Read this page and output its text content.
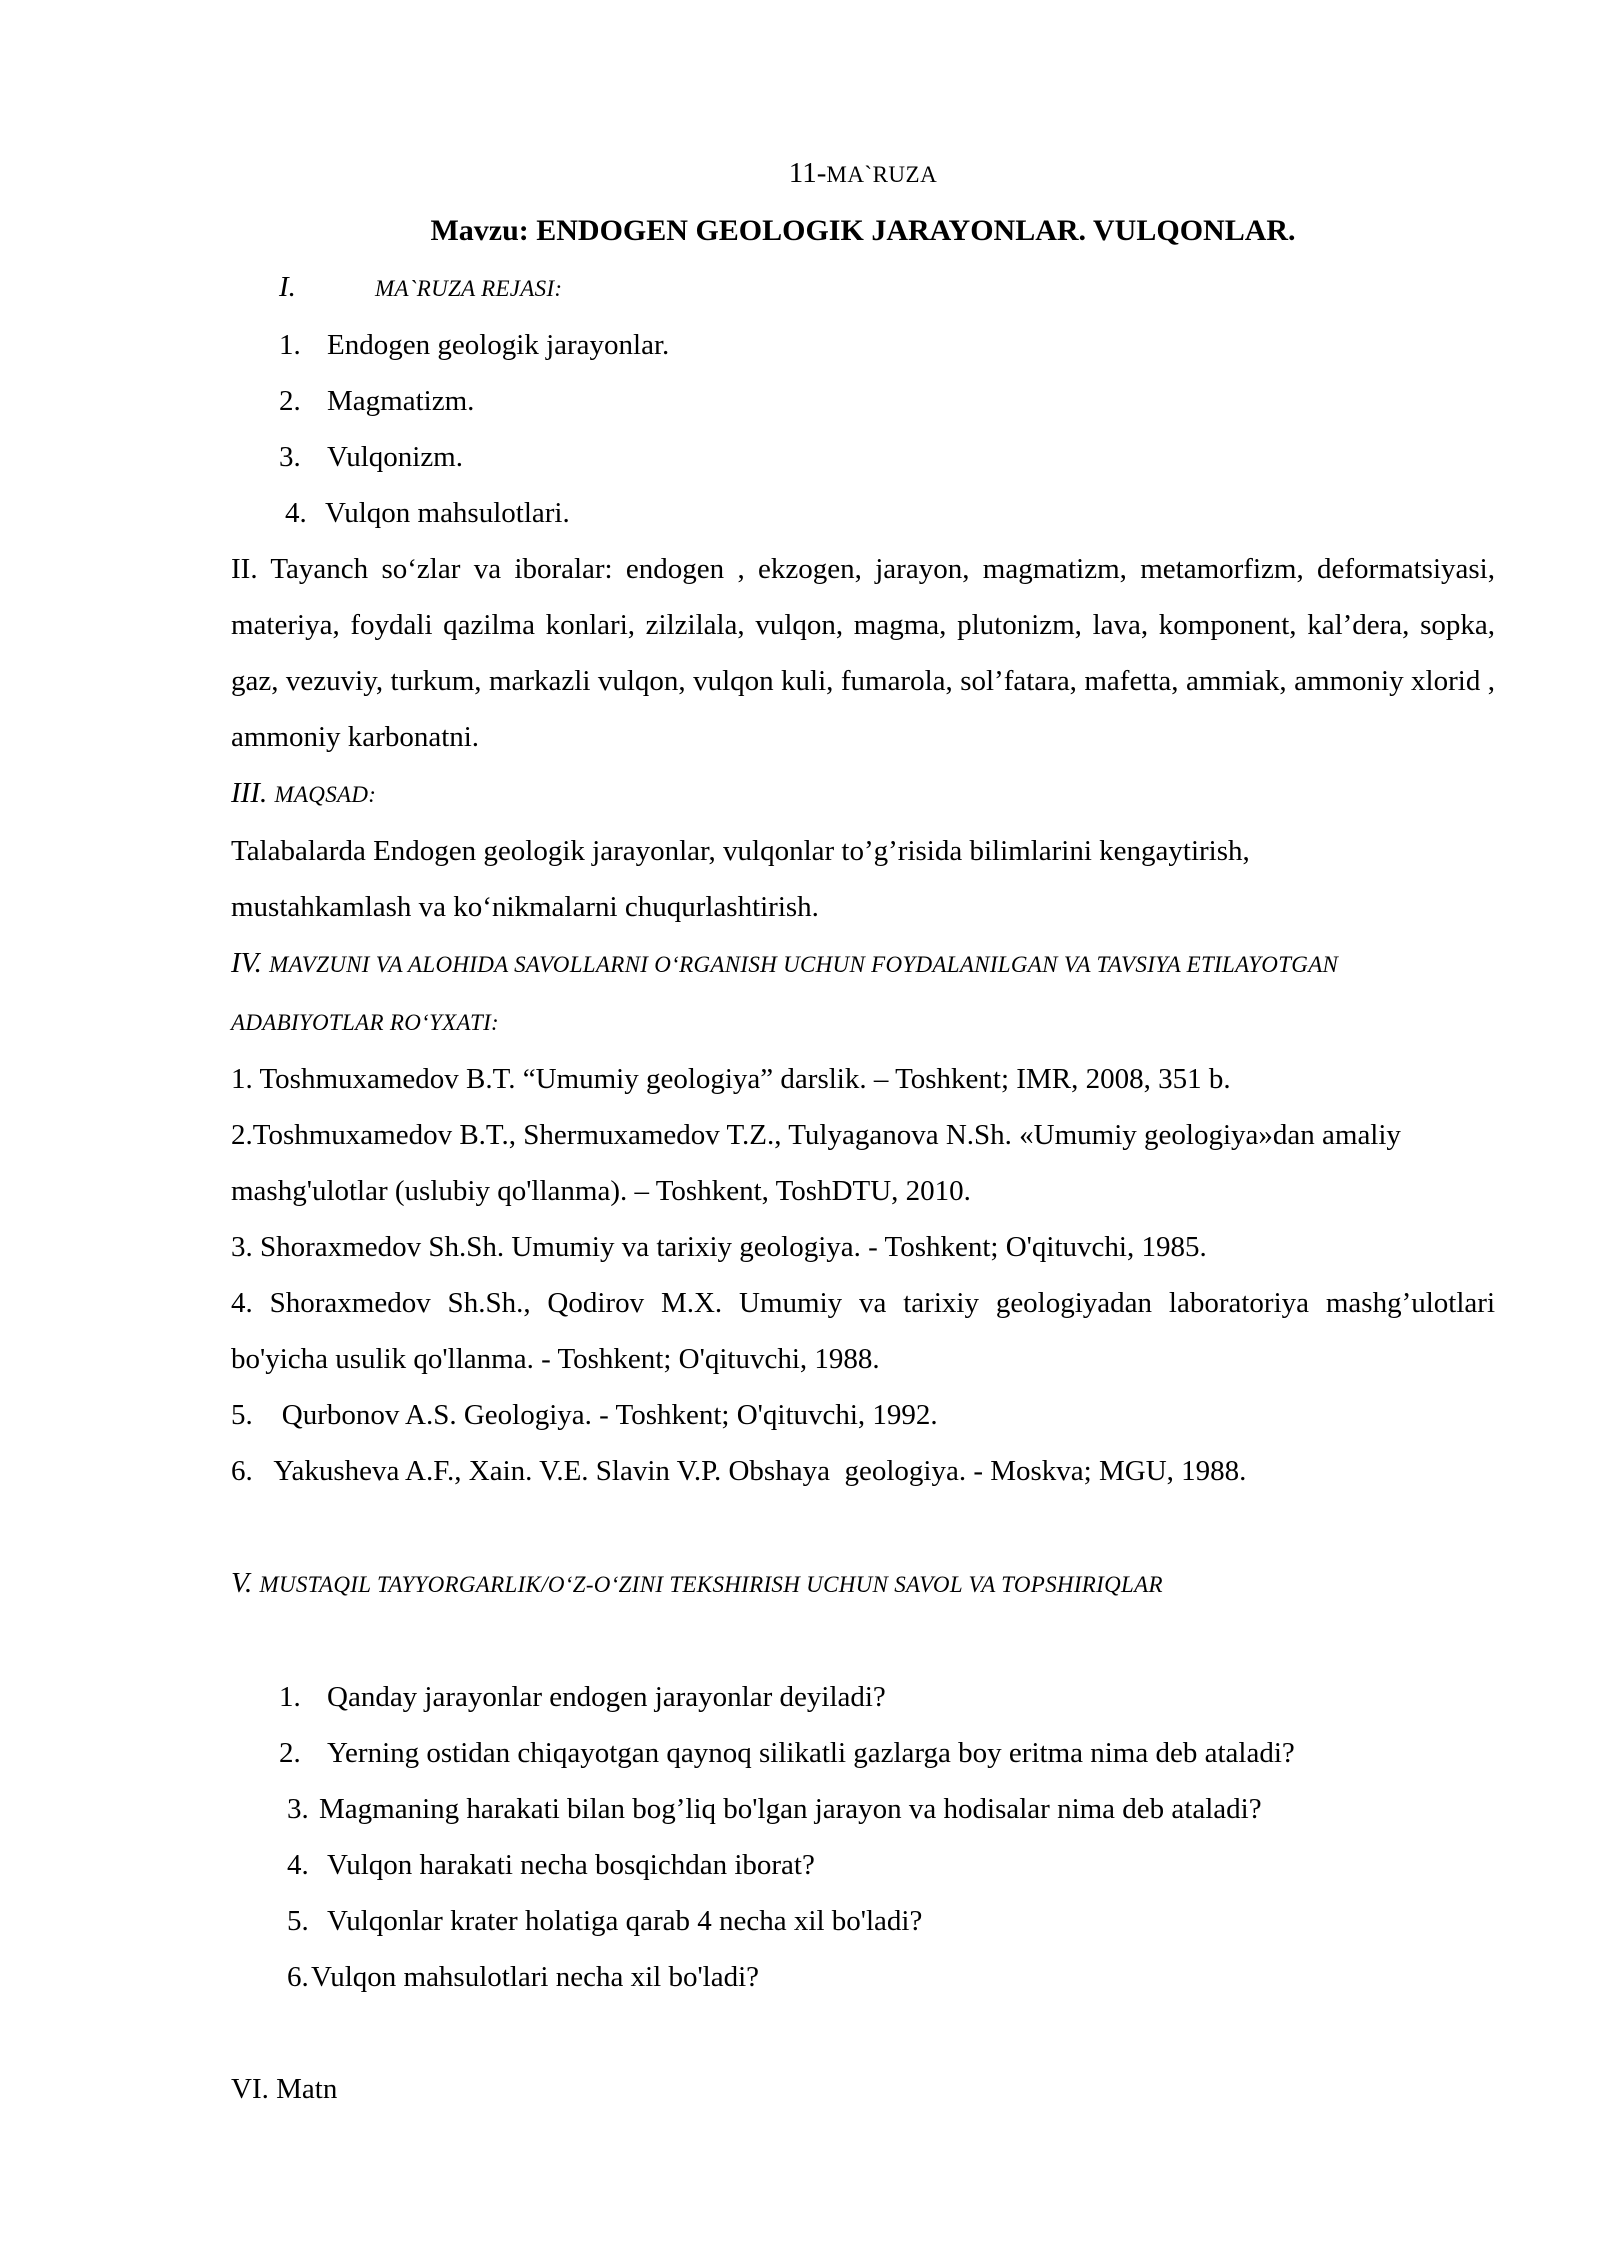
11-MA`RUZA
Mavzu: ENDOGEN GEOLOGIK JARAYONLAR. VULQONLAR.
I.	MA`RUZA REJASI:
1. Endogen geologik jarayonlar.
2. Magmatizm.
3. Vulqonizm.
4. Vulqon mahsulotlari.

II. Tayanch so‘zlar va iboralar: endogen , ekzogen, jarayon, magmatizm, metamorfizm, deformatsiyasi, materiya, foydali qazilma konlari, zilzilala, vulqon, magma, plutonizm, lava, komponent, kal’dera, sopka, gaz, vezuviy, turkum, markazli vulqon, vulqon kuli, fumarola, sol’fatara, mafetta, ammiak, ammoniy xlorid , ammoniy karbonatni.

III. MAQSAD:

Talabalarda Endogen geologik jarayonlar, vulqonlar to’g’risida bilimlarini kengaytirish, mustahkamlash va ko‘nikmalarni chuqurlashtirish.

IV. MAVZUNI VA ALOHIDA SAVOLLARNI O‘RGANISH UCHUN FOYDALANILGAN VA TAVSIYA ETILAYOTGAN ADABIYOTLAR RO‘YXATI:

1. Toshmuxamedov B.T. “Umumiy geologiya” darslik. – Toshkent; IMR, 2008, 351 b.

2.Toshmuxamedov B.T., Shermuxamedov T.Z., Tulyaganova N.Sh. «Umumiy geologiya»dan amaliy mashg'ulotlar (uslubiy qo'llanma). – Toshkent, ToshDTU, 2010.

3. Shoraxmedov Sh.Sh. Umumiy va tarixiy geologiya. - Toshkent; O'qituvchi, 1985.

4. Shoraxmedov Sh.Sh., Qodirov M.X. Umumiy va tarixiy geologiyadan laboratoriya mashg’ulotlari bo'yicha usulik qo'llanma. - Toshkent; O'qituvchi, 1988.

5.    Qurbonov A.S. Geologiya. - Toshkent; O'qituvchi, 1992.

6.   Yakusheva A.F., Xain. V.E. Slavin V.P. Obshaya  geologiya. - Moskva; MGU, 1988.

V. MUSTAQIL TAYYORGARLIK/O‘Z-O‘ZINI TEKSHIRISH UCHUN SAVOL VA TOPSHIRIQLAR
1. Qanday jarayonlar endogen jarayonlar deyiladi?
2. Yerning ostidan chiqayotgan qaynoq silikatli gazlarga boy eritma nima deb ataladi?
3. Magmaning harakati bilan bog’liq bo'lgan jarayon va hodisalar nima deb ataladi?
4. Vulqon harakati necha bosqichdan iborat?
5. Vulqonlar krater holatiga qarab 4 necha xil bo'ladi?
6.Vulqon mahsulotlari necha xil bo'ladi?
VI. Matn
